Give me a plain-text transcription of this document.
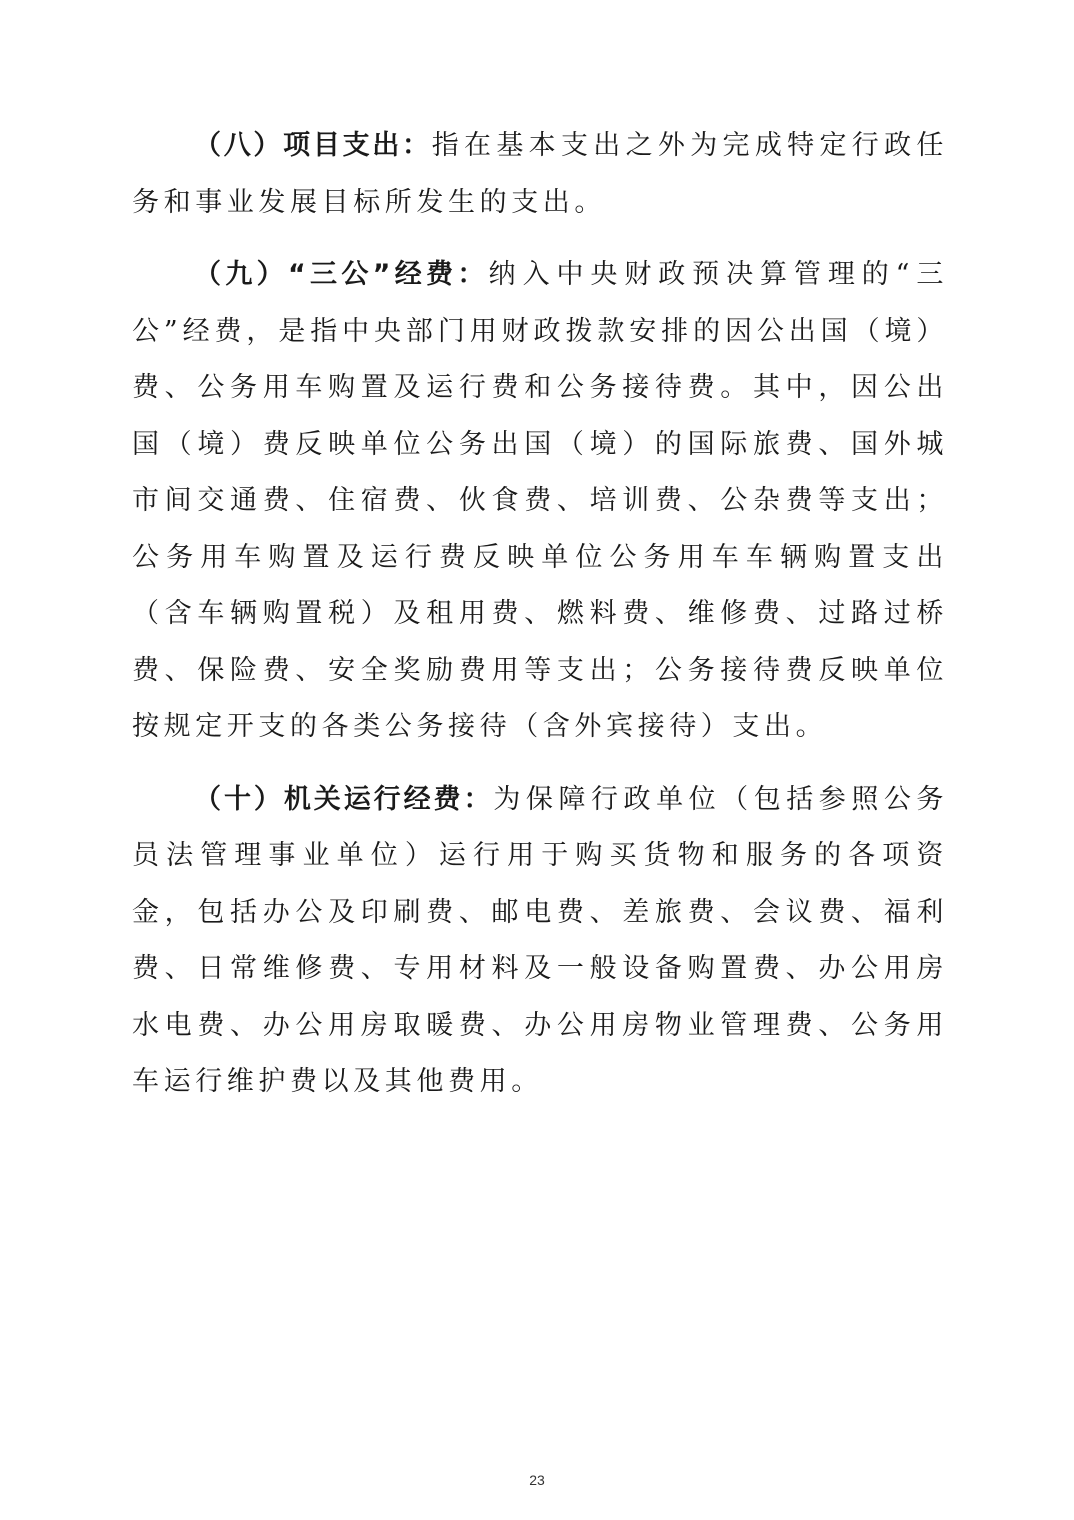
（八）项目支出：指在基本支出之外为完成特定行政任务和事业发展目标所发生的支出。

（九）“三公”经费：纳入中央财政预决算管理的“三公”经费，是指中央部门用财政拨款安排的因公出国（境）费、公务用车购置及运行费和公务接待费。其中，因公出国（境）费反映单位公务出国（境）的国际旅费、国外城市间交通费、住宿费、伙食费、培训费、公杂费等支出；公务用车购置及运行费反映单位公务用车车辆购置支出（含车辆购置税）及租用费、燃料费、维修费、过路过桥费、保险费、安全奖励费用等支出；公务接待费反映单位按规定开支的各类公务接待（含外宾接待）支出。

（十）机关运行经费：为保障行政单位（包括参照公务员法管理事业单位）运行用于购买货物和服务的各项资金，包括办公及印刷费、邮电费、差旅费、会议费、福利费、日常维修费、专用材料及一般设备购置费、办公用房水电费、办公用房取暖费、办公用房物业管理费、公务用车运行维护费以及其他费用。

23
